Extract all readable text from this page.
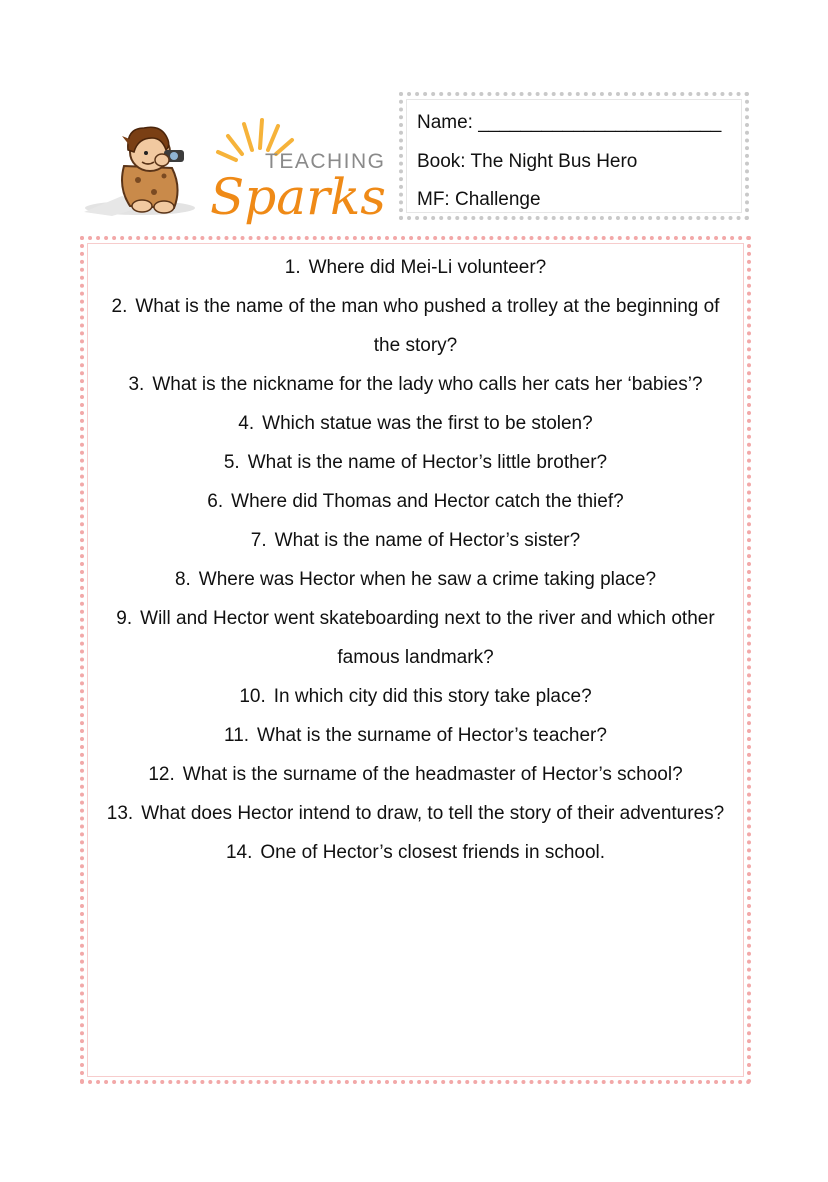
TEACHING
Sparks
Name: _______________________
Book: The Night Bus Hero
MF: Challenge
1. Where did Mei-Li volunteer?
2. What is the name of the man who pushed a trolley at the beginning of the story?
3. What is the nickname for the lady who calls her cats her ‘babies’?
4. Which statue was the first to be stolen?
5. What is the name of Hector’s little brother?
6. Where did Thomas and Hector catch the thief?
7. What is the name of Hector’s sister?
8. Where was Hector when he saw a crime taking place?
9. Will and Hector went skateboarding next to the river and which other famous landmark?
10. In which city did this story take place?
11. What is the surname of Hector’s teacher?
12. What is the surname of the headmaster of Hector’s school?
13. What does Hector intend to draw, to tell the story of their adventures?
14. One of Hector’s closest friends in school.
